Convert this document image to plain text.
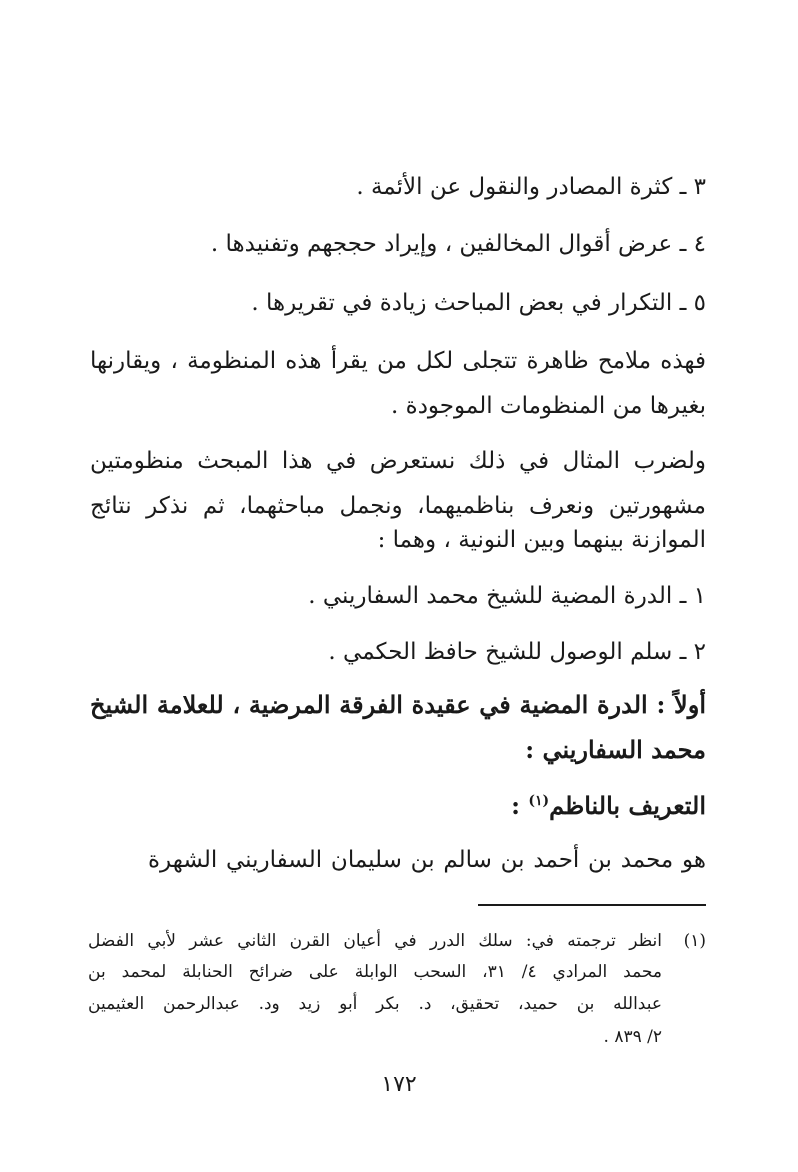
٣ ـ كثرة المصادر والنقول عن الأئمة .
٤ ـ عرض أقوال المخالفين ، وإيراد حججهم وتفنيدها .
٥ ـ التكرار في بعض المباحث زيادة في تقريرها .
فهذه ملامح ظاهرة تتجلى لكل من يقرأ هذه المنظومة ، ويقارنها
بغيرها من المنظومات الموجودة .
ولضرب المثال في ذلك نستعرض في هذا المبحث منظومتين
مشهورتين ونعرف بناظميهما، ونجمل مباحثهما، ثم نذكر نتائج
الموازنة بينهما وبين النونية ، وهما :
١ ـ الدرة المضية للشيخ محمد السفاريني .
٢ ـ سلم الوصول للشيخ حافظ الحكمي .
أولاً : الدرة المضية في عقيدة الفرقة المرضية ، للعلامة الشيخ
محمد السفاريني :
التعريف بالناظم$^{(١)}$ :
هو محمد بن أحمد بن سالم بن سليمان السفاريني الشهرة
(١)
انظر ترجمته في: سلك الدرر في أعيان القرن الثاني عشر لأبي الفضل
محمد المرادي ٤/ ٣١، السحب الوابلة على ضرائح الحنابلة لمحمد بن
عبدالله بن حميد، تحقيق، د. بكر أبو زيد ود. عبدالرحمن العثيمين
٢/ ٨٣٩ .
١٧٢
